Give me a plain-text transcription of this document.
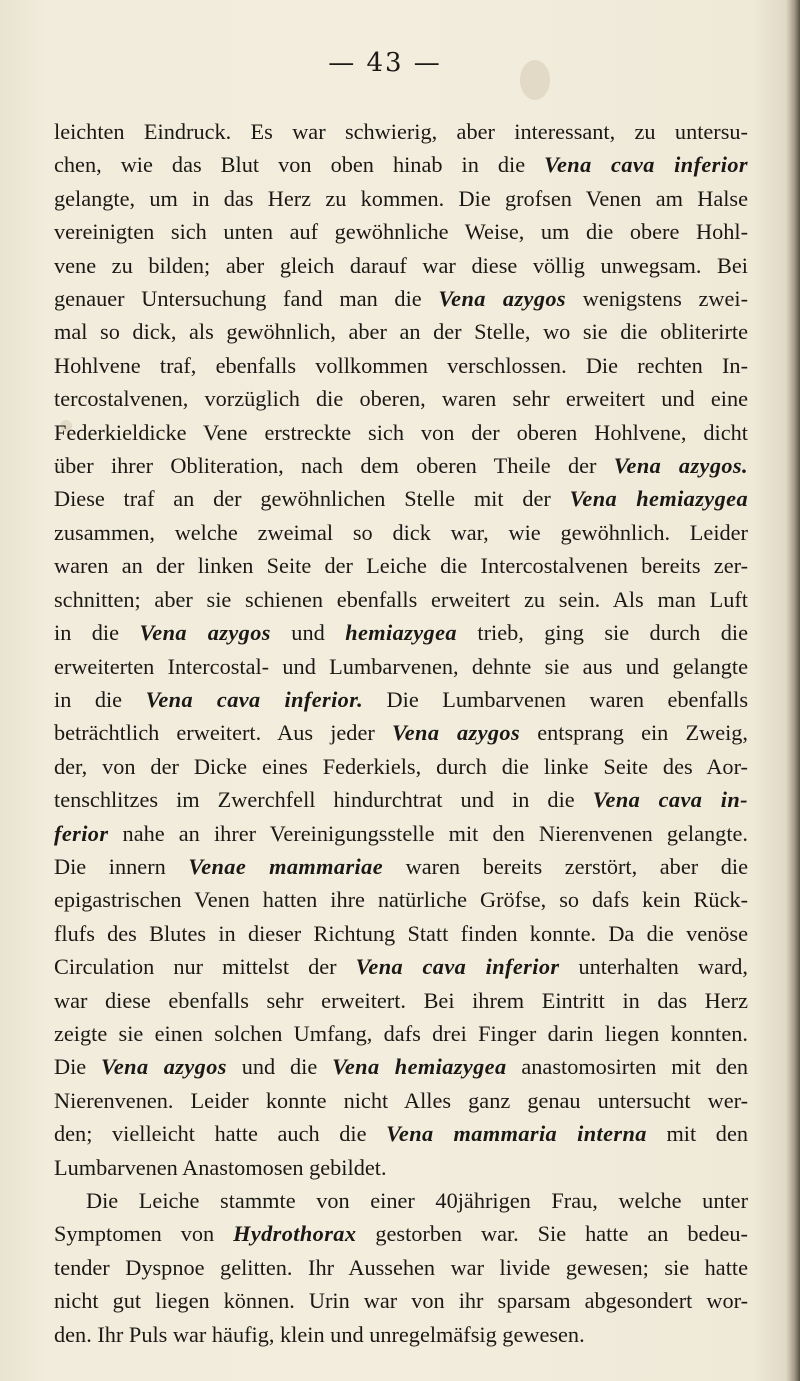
— 43 —
leichten Eindruck. Es war schwierig, aber interessant, zu untersu-
chen, wie das Blut von oben hinab in die Vena cava inferior
gelangte, um in das Herz zu kommen. Die grofsen Venen am Halse
vereinigten sich unten auf gewöhnliche Weise, um die obere Hohl-
vene zu bilden; aber gleich darauf war diese völlig unwegsam. Bei
genauer Untersuchung fand man die Vena azygos wenigstens zwei-
mal so dick, als gewöhnlich, aber an der Stelle, wo sie die obliterirte
Hohlvene traf, ebenfalls vollkommen verschlossen. Die rechten In-
tercostalvenen, vorzüglich die oberen, waren sehr erweitert und eine
Federkieldicke Vene erstreckte sich von der oberen Hohlvene, dicht
über ihrer Obliteration, nach dem oberen Theile der Vena azygos.
Diese traf an der gewöhnlichen Stelle mit der Vena hemiazygea
zusammen, welche zweimal so dick war, wie gewöhnlich. Leider
waren an der linken Seite der Leiche die Intercostalvenen bereits zer-
schnitten; aber sie schienen ebenfalls erweitert zu sein. Als man Luft
in die Vena azygos und hemiazygea trieb, ging sie durch die
erweiterten Intercostal- und Lumbarvenen, dehnte sie aus und gelangte
in die Vena cava inferior. Die Lumbarvenen waren ebenfalls
beträchtlich erweitert. Aus jeder Vena azygos entsprang ein Zweig,
der, von der Dicke eines Federkiels, durch die linke Seite des Aor-
tenschlitzes im Zwerchfell hindurchtrat und in die Vena cava in-
ferior nahe an ihrer Vereinigungsstelle mit den Nierenvenen gelangte.
Die innern Venae mammariae waren bereits zerstört, aber die
epigastrischen Venen hatten ihre natürliche Gröfse, so dafs kein Rück-
flufs des Blutes in dieser Richtung Statt finden konnte. Da die venöse
Circulation nur mittelst der Vena cava inferior unterhalten ward,
war diese ebenfalls sehr erweitert. Bei ihrem Eintritt in das Herz
zeigte sie einen solchen Umfang, dafs drei Finger darin liegen konnten.
Die Vena azygos und die Vena hemiazygea anastomosirten mit den
Nierenvenen. Leider konnte nicht Alles ganz genau untersucht wer-
den; vielleicht hatte auch die Vena mammaria interna mit den
Lumbarvenen Anastomosen gebildet.
Die Leiche stammte von einer 40jährigen Frau, welche unter
Symptomen von Hydrothorax gestorben war. Sie hatte an bedeu-
tender Dyspnoe gelitten. Ihr Aussehen war livide gewesen; sie hatte
nicht gut liegen können. Urin war von ihr sparsam abgesondert wor-
den. Ihr Puls war häufig, klein und unregelmäfsig gewesen.
